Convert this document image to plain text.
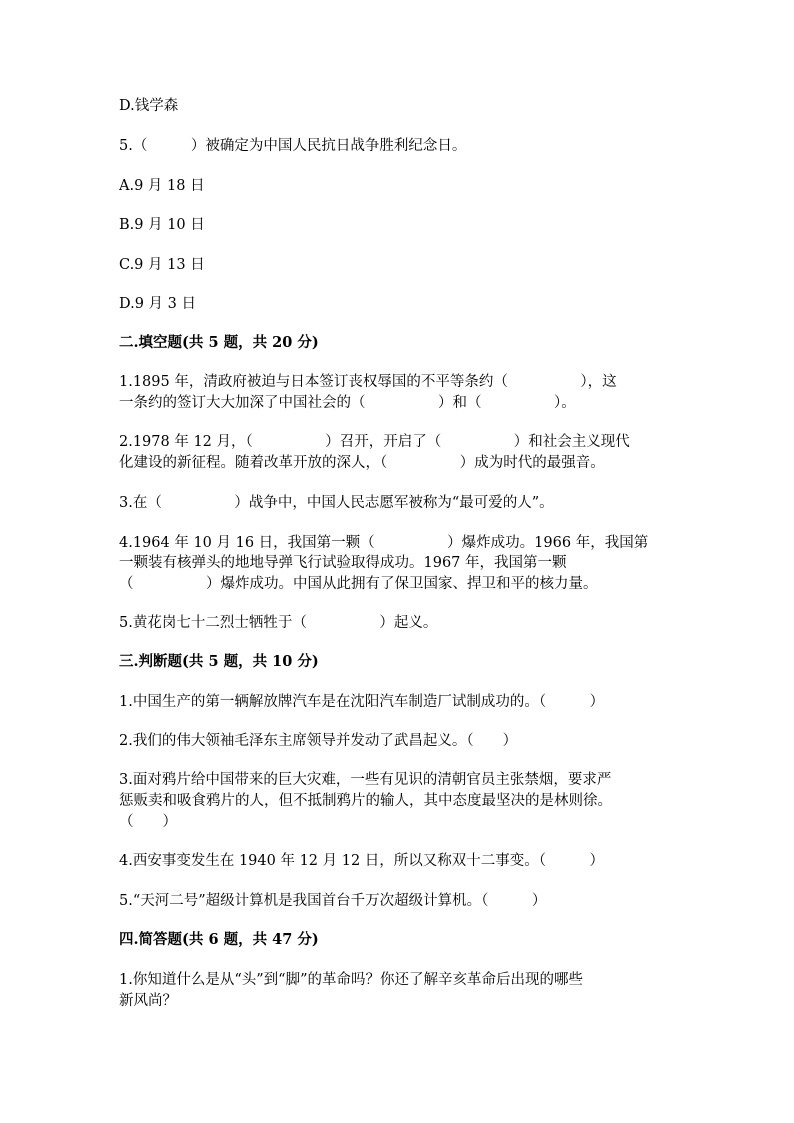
D.钱学森
5.（　　　）被确定为中国人民抗日战争胜利纪念日。
A.9 月 18 日
B.9 月 10 日
C.9 月 13 日
D.9 月 3 日
二.填空题(共 5 题，共 20 分)
1.1895 年，清政府被迫与日本签订丧权辱国的不平等条约（　　　　　），这
一条约的签订大大加深了中国社会的（　　　　　）和（　　　　　）。
2.1978 年 12 月，（　　　　　）召开，开启了（　　　　　）和社会主义现代
化建设的新征程。随着改革开放的深人，（　　　　　）成为时代的最强音。
3.在（　　　　　）战争中，中国人民志愿军被称为“最可爱的人”。
4.1964 年 10 月 16 日，我国第一颗（　　　　　）爆炸成功。1966 年，我国第
一颗装有核弹头的地地导弹飞行试验取得成功。1967 年，我国第一颗
（　　　　　）爆炸成功。中国从此拥有了保卫国家、捍卫和平的核力量。
5.黄花岗七十二烈士牺牲于（　　　　　）起义。
三.判断题(共 5 题，共 10 分)
1.中国生产的第一辆解放牌汽车是在沈阳汽车制造厂试制成功的。（　　　）
2.我们的伟大领袖毛泽东主席领导并发动了武昌起义。（　　）
3.面对鸦片给中国带来的巨大灾难，一些有见识的清朝官员主张禁烟，要求严
惩贩卖和吸食鸦片的人，但不抵制鸦片的输人，其中态度最坚决的是林则徐。
（　　）
4.西安事变发生在 1940 年 12 月 12 日，所以又称双十二事变。（　　　）
5.“天河二号”超级计算机是我国首台千万次超级计算机。（　　　）
四.简答题(共 6 题，共 47 分)
1.你知道什么是从“头”到“脚”的革命吗？你还了解辛亥革命后出现的哪些
新风尚？
